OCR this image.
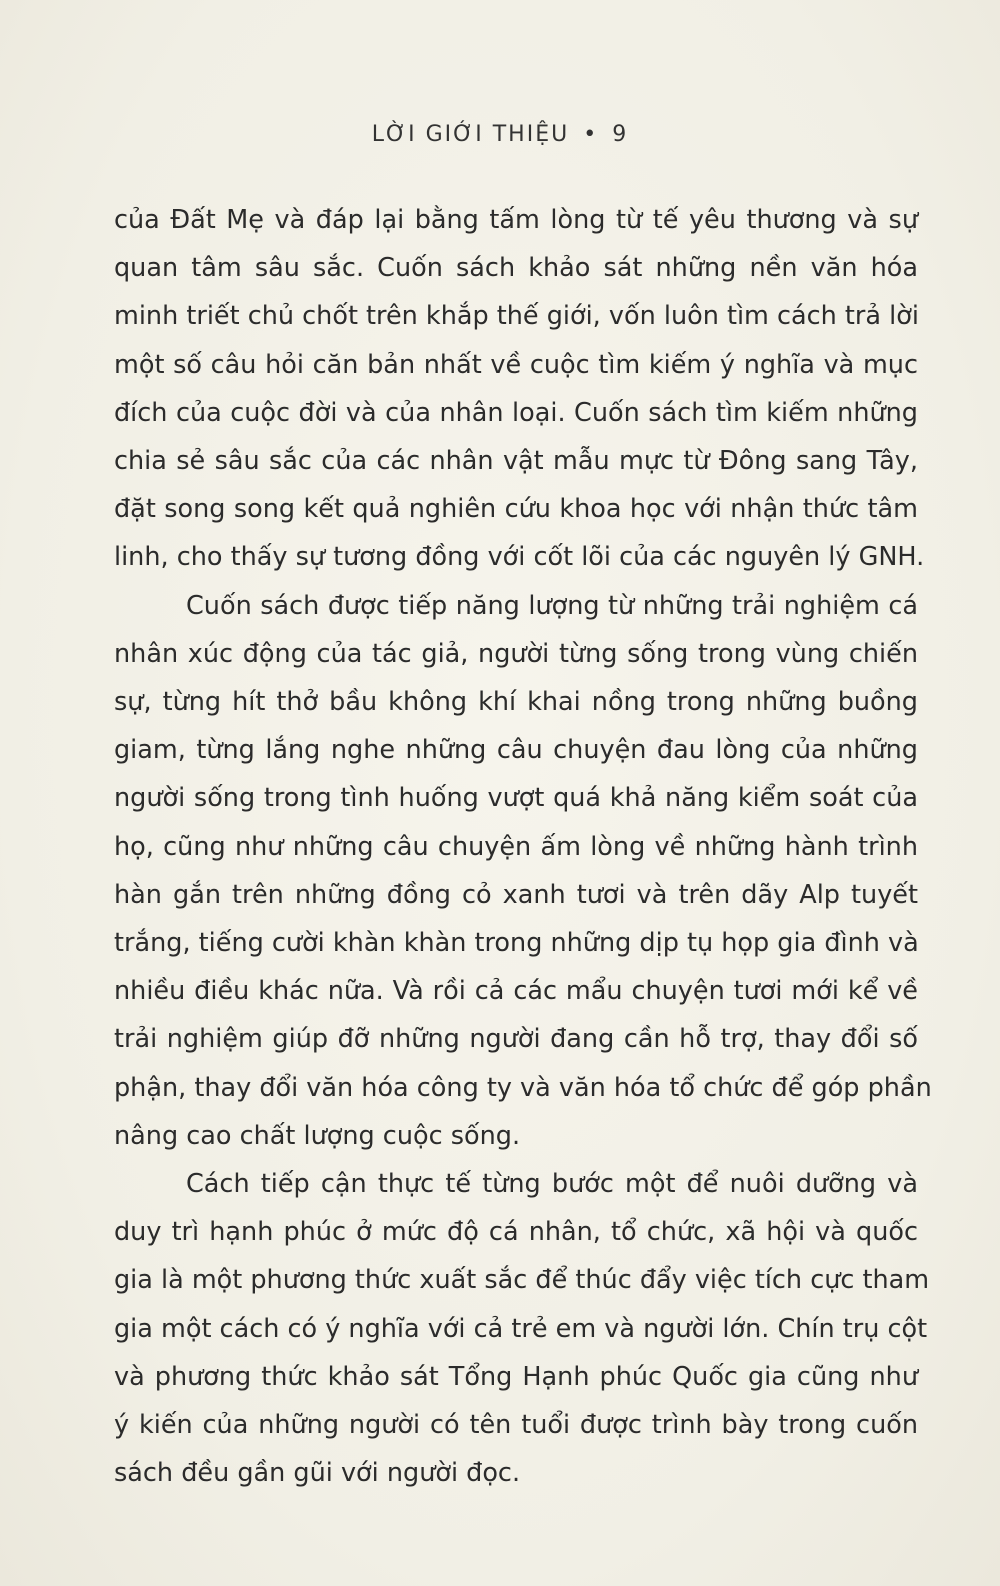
LỜI GIỚI THIỆU • 9
của Đất Mẹ và đáp lại bằng tấm lòng từ tế yêu thương và sự
quan tâm sâu sắc. Cuốn sách khảo sát những nền văn hóa
minh triết chủ chốt trên khắp thế giới, vốn luôn tìm cách trả lời
một số câu hỏi căn bản nhất về cuộc tìm kiếm ý nghĩa và mục
đích của cuộc đời và của nhân loại. Cuốn sách tìm kiếm những
chia sẻ sâu sắc của các nhân vật mẫu mực từ Đông sang Tây,
đặt song song kết quả nghiên cứu khoa học với nhận thức tâm
linh, cho thấy sự tương đồng với cốt lõi của các nguyên lý GNH.
Cuốn sách được tiếp năng lượng từ những trải nghiệm cá
nhân xúc động của tác giả, người từng sống trong vùng chiến
sự, từng hít thở bầu không khí khai nồng trong những buồng
giam, từng lắng nghe những câu chuyện đau lòng của những
người sống trong tình huống vượt quá khả năng kiểm soát của
họ, cũng như những câu chuyện ấm lòng về những hành trình
hàn gắn trên những đồng cỏ xanh tươi và trên dãy Alp tuyết
trắng, tiếng cười khàn khàn trong những dịp tụ họp gia đình và
nhiều điều khác nữa. Và rồi cả các mẩu chuyện tươi mới kể về
trải nghiệm giúp đỡ những người đang cần hỗ trợ, thay đổi số
phận, thay đổi văn hóa công ty và văn hóa tổ chức để góp phần
nâng cao chất lượng cuộc sống.
Cách tiếp cận thực tế từng bước một để nuôi dưỡng và
duy trì hạnh phúc ở mức độ cá nhân, tổ chức, xã hội và quốc
gia là một phương thức xuất sắc để thúc đẩy việc tích cực tham
gia một cách có ý nghĩa với cả trẻ em và người lớn. Chín trụ cột
và phương thức khảo sát Tổng Hạnh phúc Quốc gia cũng như
ý kiến của những người có tên tuổi được trình bày trong cuốn
sách đều gần gũi với người đọc.
